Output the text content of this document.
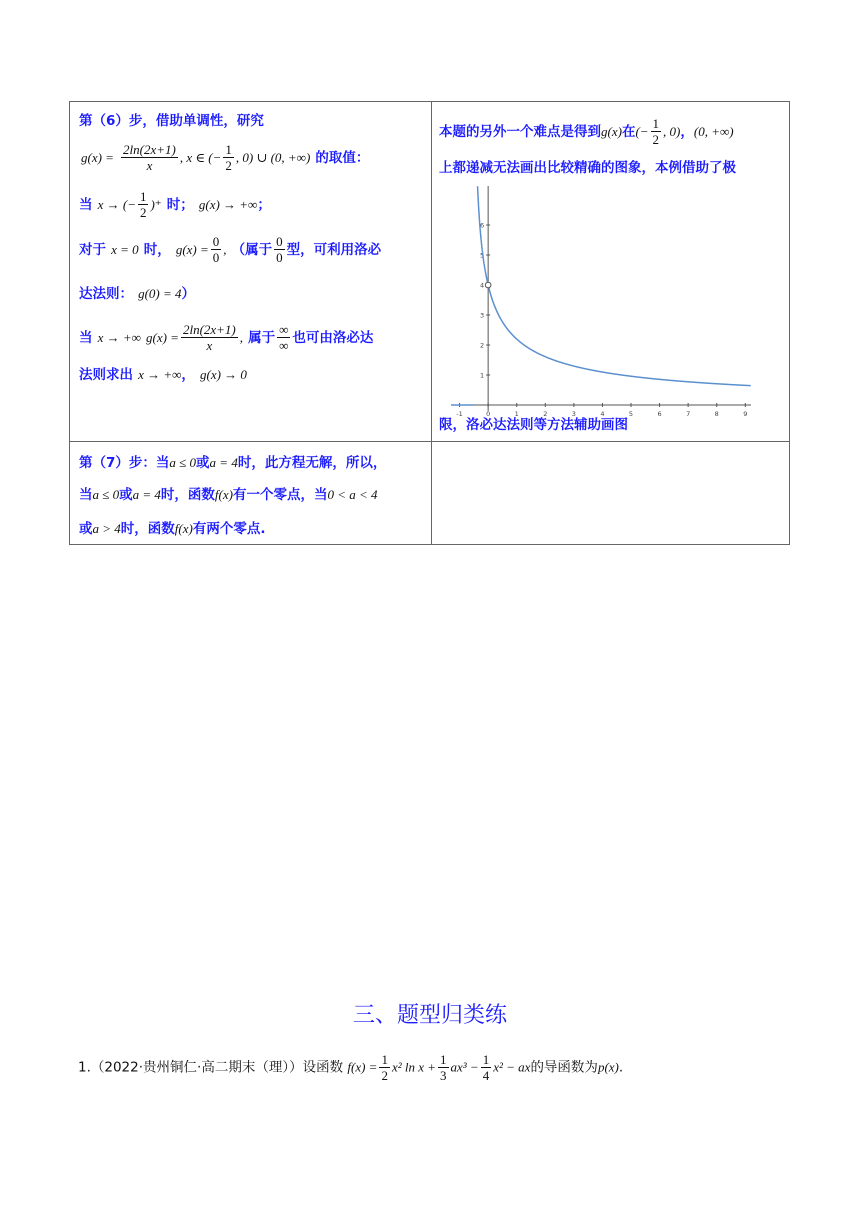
第（6）步，借助单调性，研究
$g(x) = \frac{2\ln(2x+1)}{x}$ , x ∈ (− $\frac{1}{2}$ , 0) ∪ (0, +∞) 的取值：
当 x → (− $\frac{1}{2}$ )⁺ 时； g(x) → +∞；
对于 x = 0 时， $g(x) = \frac{0}{0}$ , （属于 $\frac{0}{0}$ 型，可利用洛必
达法则： g(0) = 4）
当 x → +∞ $g(x) = \frac{2\ln(2x+1)}{x}$ , 属于 $\frac{\infty}{\infty}$ 也可由洛必达
法则求出 x → +∞， g(x) → 0
本题的另外一个难点是得到g(x)在(− $\frac{1}{2}$ , 0)，(0, +∞)
上都递减无法画出比较精确的图象，本例借助了极
-1	0	1	2	3	4	5	6	7	8	9
1
2
3
4
5
6
限，洛必达法则等方法辅助画图
第（7）步：当a ≤ 0或a = 4时，此方程无解，所以，
当a ≤ 0或a = 4时，函数f(x)有一个零点，当0 < a < 4
或a > 4时，函数f(x)有两个零点.
三、题型归类练
1.（2022·贵州铜仁·高二期末（理））设函数 $f(x) = \frac{1}{2} x^2$ $\ln x + \frac{1}{3} ax^3 - \frac{1}{4} x^2$ − ax的导函数为p(x).
